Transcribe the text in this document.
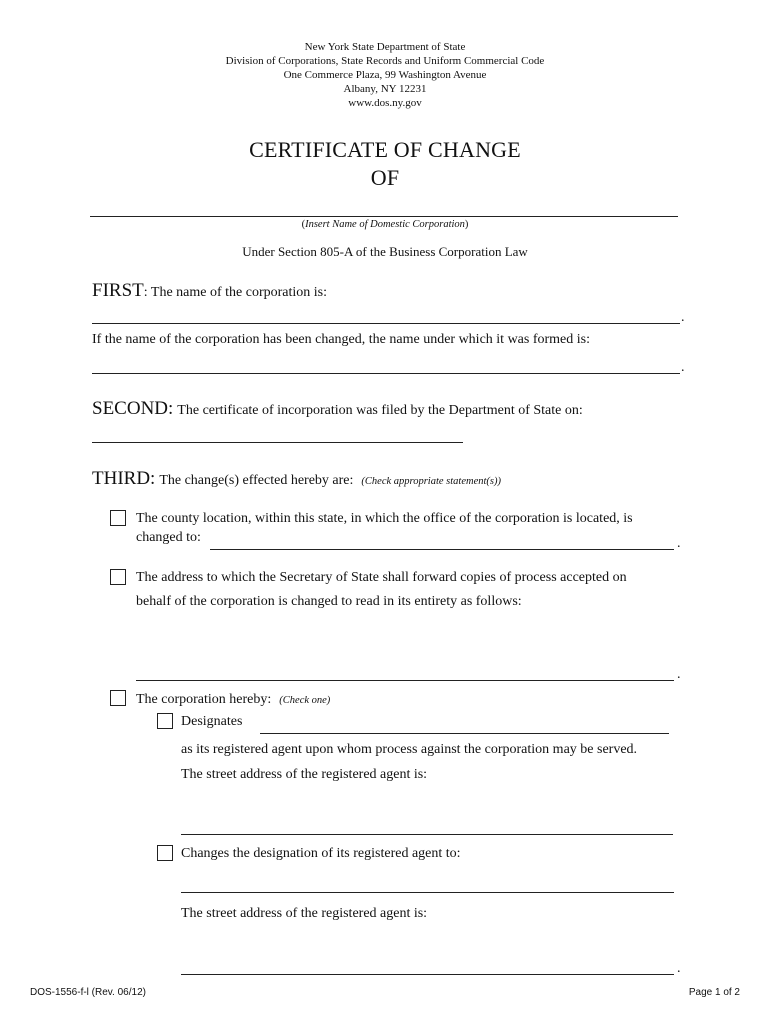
New York State Department of State
Division of Corporations, State Records and Uniform Commercial Code
One Commerce Plaza, 99 Washington Avenue
Albany, NY 12231
www.dos.ny.gov
CERTIFICATE OF CHANGE
OF
(Insert Name of Domestic Corporation)
Under Section 805-A of the Business Corporation Law
FIRST: The name of the corporation is:
.
If the name of the corporation has been changed, the name under which it was formed is:
.
SECOND: The certificate of incorporation was filed by the Department of State on:
THIRD: The change(s) effected hereby are: (Check appropriate statement(s))
The county location, within this state, in which the office of the corporation is located, is
changed to:	.
The address to which the Secretary of State shall forward copies of process accepted on
behalf of the corporation is changed to read in its entirety as follows:
.
The corporation hereby: (Check one)
Designates
as its registered agent upon whom process against the corporation may be served.
The street address of the registered agent is:
Changes the designation of its registered agent to:
The street address of the registered agent is:
.
DOS-1556-f-l (Rev. 06/12)	Page 1 of 2
